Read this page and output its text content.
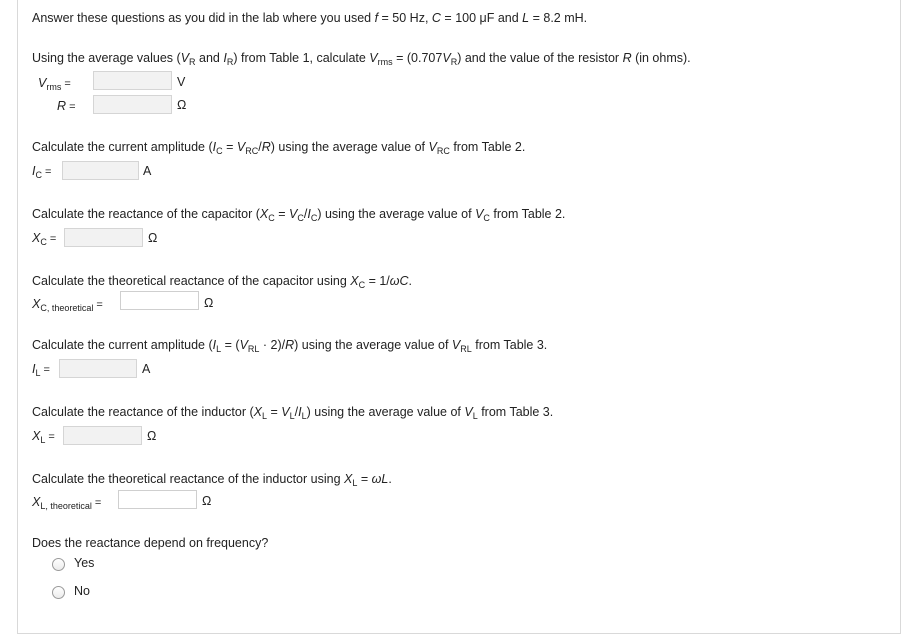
Answer these questions as you did in the lab where you used f = 50 Hz, C = 100 μF and L = 8.2 mH.
Using the average values ($V_R$ and $I_R$) from Table 1, calculate $V_{rms} = (0.707V_R)$ and the value of the resistor R (in ohms).
$V_{rms}$ =	V
R =	Ω
Calculate the current amplitude $(I_C = V_{RC}/R)$ using the average value of $V_{RC}$ from Table 2.
$I_C$ =	A
Calculate the reactance of the capacitor $(X_C = V_C/I_C)$ using the average value of $V_C$ from Table 2.
$X_C$ =	Ω
Calculate the theoretical reactance of the capacitor using $X_C = 1/\omega C$.
$X_{C, theoretical}$ =	Ω
Calculate the current amplitude $(I_L = (V_{RL} \cdot 2)/R)$ using the average value of $V_{RL}$ from Table 3.
$I_L$ =	A
Calculate the reactance of the inductor $(X_L = V_L/I_L)$ using the average value of $V_L$ from Table 3.
$X_L$ =	Ω
Calculate the theoretical reactance of the inductor using $X_L = \omega L$.
$X_{L, theoretical}$ =	Ω
Does the reactance depend on frequency?
Yes
No
